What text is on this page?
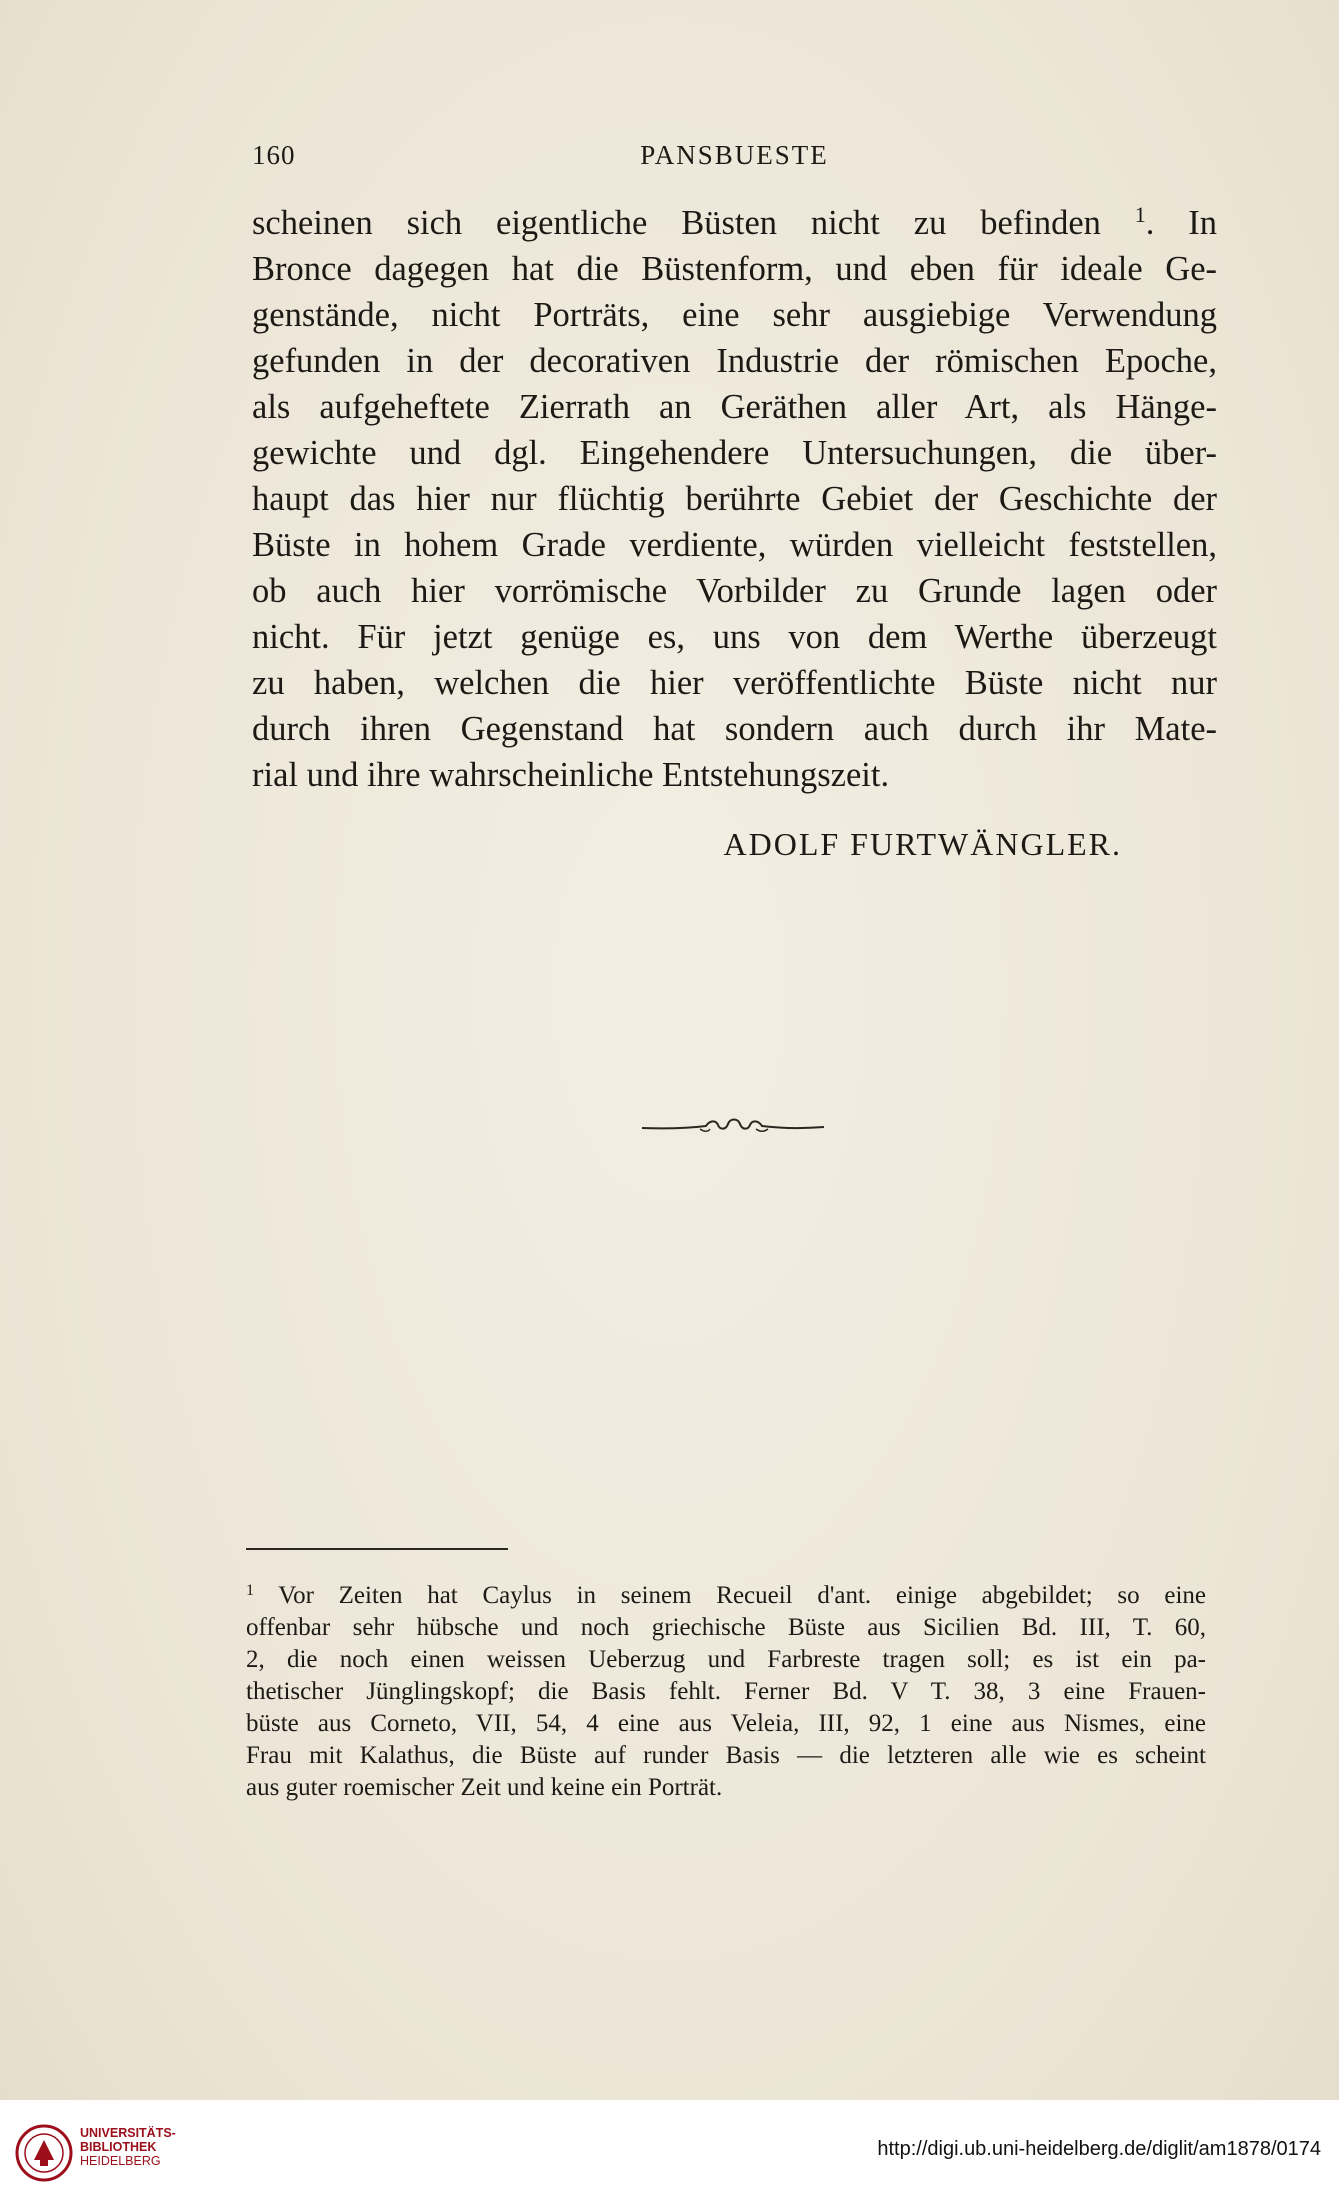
160	PANSBUESTE
scheinen sich eigentliche Büsten nicht zu befinden $^1$. In
Bronce dagegen hat die Büstenform, und eben für ideale Ge-
genstände, nicht Porträts, eine sehr ausgiebige Verwendung
gefunden in der decorativen Industrie der römischen Epoche,
als aufgeheftete Zierrath an Geräthen aller Art, als Hänge-
gewichte und dgl. Eingehendere Untersuchungen, die über-
haupt das hier nur flüchtig berührte Gebiet der Geschichte der
Büste in hohem Grade verdiente, würden vielleicht feststellen,
ob auch hier vorrömische Vorbilder zu Grunde lagen oder
nicht. Für jetzt genüge es, uns von dem Werthe überzeugt
zu haben, welchen die hier veröffentlichte Büste nicht nur
durch ihren Gegenstand hat sondern auch durch ihr Mate-
rial und ihre wahrscheinliche Entstehungszeit.
ADOLF FURTWÄNGLER.
$^1$ Vor Zeiten hat Caylus in seinem Recueil d'ant. einige abgebildet; so eine
offenbar sehr hübsche und noch griechische Büste aus Sicilien Bd. III, T. 60,
2, die noch einen weissen Ueberzug und Farbreste tragen soll; es ist ein pa-
thetischer Jünglingskopf; die Basis fehlt. Ferner Bd. V T. 38, 3 eine Frauen-
büste aus Corneto, VII, 54, 4 eine aus Veleia, III, 92, 1 eine aus Nismes, eine
Frau mit Kalathus, die Büste auf runder Basis — die letzteren alle wie es scheint
aus guter roemischer Zeit und keine ein Porträt.
UNIVERSITÄTS-
BIBLIOTHEK
HEIDELBERG
http://digi.ub.uni-heidelberg.de/diglit/am1878/0174
